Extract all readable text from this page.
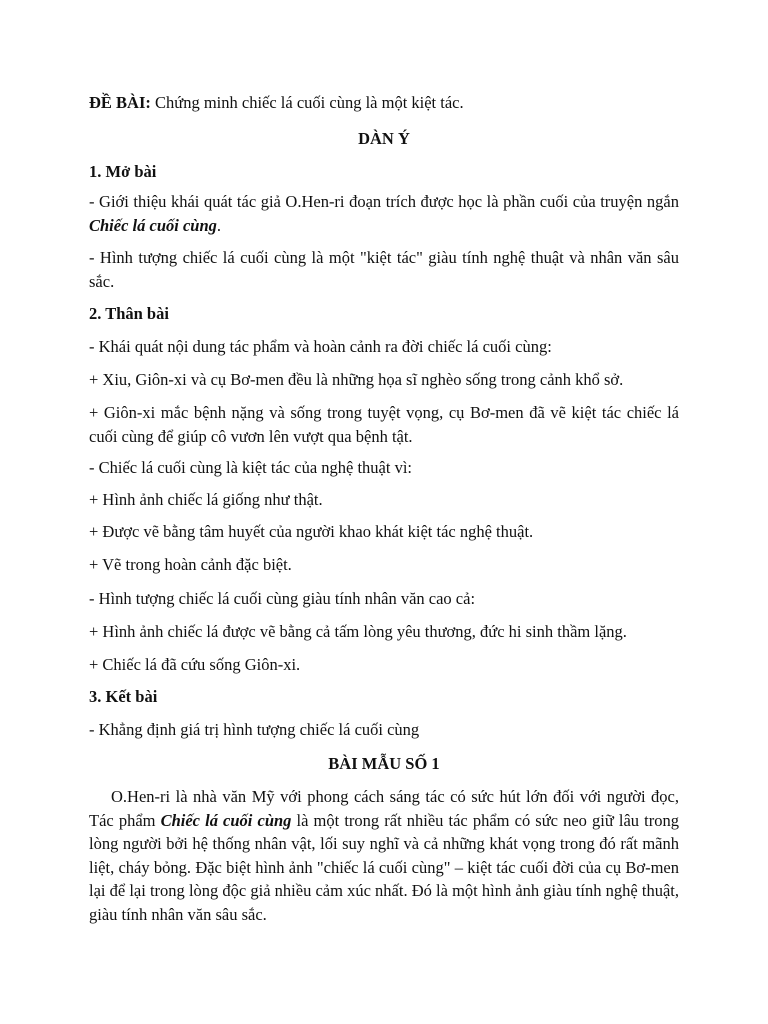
ĐỀ BÀI: Chứng minh chiếc lá cuối cùng là một kiệt tác.
DÀN Ý
1. Mở bài
- Giới thiệu khái quát tác giả O.Hen-ri đoạn trích được học là phần cuối của truyện ngắn Chiếc lá cuối cùng.
- Hình tượng chiếc lá cuối cùng là một "kiệt tác" giàu tính nghệ thuật và nhân văn sâu sắc.
2. Thân bài
- Khái quát nội dung tác phẩm và hoàn cảnh ra đời chiếc lá cuối cùng:
+ Xiu, Giôn-xi và cụ Bơ-men đều là những họa sĩ nghèo sống trong cảnh khổ sở.
+ Giôn-xi mắc bệnh nặng và sống trong tuyệt vọng, cụ Bơ-men đã vẽ kiệt tác chiếc lá cuối cùng để giúp cô vươn lên vượt qua bệnh tật.
- Chiếc lá cuối cùng là kiệt tác của nghệ thuật vì:
+ Hình ảnh chiếc lá giống như thật.
+ Được vẽ bằng tâm huyết của người khao khát kiệt tác nghệ thuật.
+ Vẽ trong hoàn cảnh đặc biệt.
- Hình tượng chiếc lá cuối cùng giàu tính nhân văn cao cả:
+ Hình ảnh chiếc lá được vẽ bằng cả tấm lòng yêu thương, đức hi sinh thầm lặng.
+ Chiếc lá đã cứu sống Giôn-xi.
3. Kết bài
- Khẳng định giá trị hình tượng chiếc lá cuối cùng
BÀI MẪU SỐ 1
O.Hen-ri là nhà văn Mỹ với phong cách sáng tác có sức hút lớn đối với người đọc, Tác phẩm Chiếc lá cuối cùng là một trong rất nhiều tác phẩm có sức neo giữ lâu trong lòng người bởi hệ thống nhân vật, lối suy nghĩ và cả những khát vọng trong đó rất mãnh liệt, cháy bỏng. Đặc biệt hình ảnh "chiếc lá cuối cùng" – kiệt tác cuối đời của cụ Bơ-men lại để lại trong lòng độc giả nhiều cảm xúc nhất. Đó là một hình ảnh giàu tính nghệ thuật, giàu tính nhân văn sâu sắc.
